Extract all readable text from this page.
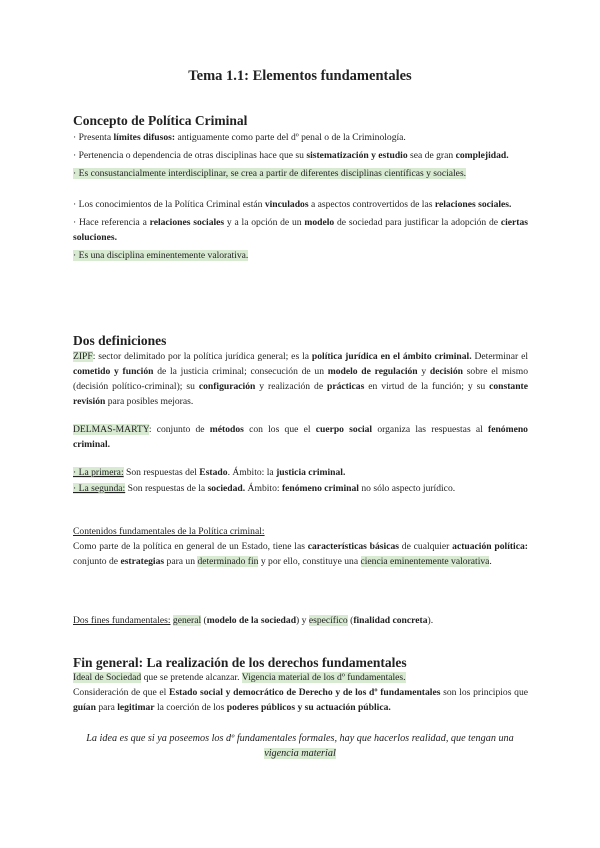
Tema 1.1: Elementos fundamentales
Concepto de Política Criminal
· Presenta límites difusos: antiguamente como parte del dº penal o de la Criminología.
· Pertenencia o dependencia de otras disciplinas hace que su sistematización y estudio sea de gran complejidad.
· Es consustancialmente interdisciplinar, se crea a partir de diferentes disciplinas científicas y sociales.
· Los conocimientos de la Política Criminal están vinculados a aspectos controvertidos de las relaciones sociales.
· Hace referencia a relaciones sociales y a la opción de un modelo de sociedad para justificar la adopción de ciertas soluciones.
· Es una disciplina eminentemente valorativa.
Dos definiciones
ZIPF: sector delimitado por la política jurídica general; es la política jurídica en el ámbito criminal. Determinar el cometido y función de la justicia criminal; consecución de un modelo de regulación y decisión sobre el mismo (decisión político-criminal); su configuración y realización de prácticas en virtud de la función; y su constante revisión para posibles mejoras.
DELMAS-MARTY: conjunto de métodos con los que el cuerpo social organiza las respuestas al fenómeno criminal.
· La primera: Son respuestas del Estado. Ámbito: la justicia criminal.
· La segunda: Son respuestas de la sociedad. Ámbito: fenómeno criminal no sólo aspecto jurídico.
Contenidos fundamentales de la Política criminal:
Como parte de la política en general de un Estado, tiene las características básicas de cualquier actuación política: conjunto de estrategias para un determinado fin y por ello, constituye una ciencia eminentemente valorativa.
Dos fines fundamentales: general (modelo de la sociedad) y específico (finalidad concreta).
Fin general: La realización de los derechos fundamentales
Ideal de Sociedad que se pretende alcanzar. Vigencia material de los dº fundamentales.
Consideración de que el Estado social y democrático de Derecho y de los dº fundamentales son los principios que guían para legitimar la coerción de los poderes públicos y su actuación pública.
La idea es que si ya poseemos los dº fundamentales formales, hay que hacerlos realidad, que tengan una vigencia material
